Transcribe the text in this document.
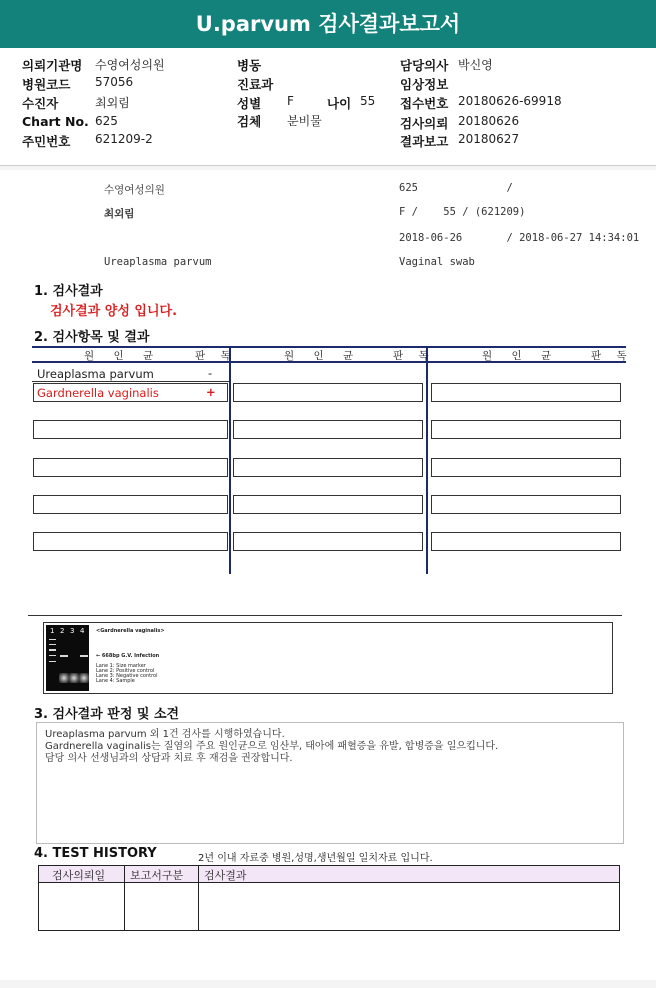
U.parvum 검사결과보고서
의뢰기관명 수영여성의원
병원코드 57056
수진자	최외림
Chart No. 625
주민번호 621209-2
병동
진료과
성별 F	나이 55
검체 분비물
담당의사 박신영
임상정보
접수번호 20180626-69918
검사의뢰 20180626
결과보고 20180627
수영여성의원	625              /
최외림	F /    55 / (621209)
2018-06-26       / 2018-06-27 14:34:01
Ureaplasma parvum	Vaginal swab
1. 검사결과
검사결과 양성 입니다.
2. 검사항목 및 결과
원 인 균	판 독	원 인 균	판 독	원 인 균	판 독
Ureaplasma parvum	-
Gardnerella vaginalis	+
1 2 3 4 <Gardnerella vaginalis>
← 668bp G.V. Infection
Lane 1: Size marker
Lane 2: Positive control
Lane 3: Negative control
Lane 4: Sample
3. 검사결과 판정 및 소견

Ureaplasma parvum 외 1건 검사를 시행하였습니다.

Gardnerella vaginalis는 질염의 주요 원인균으로 임산부, 태아에 패혈증을 유발, 합병증을 일으킵니다.

담당 의사 선생님과의 상담과 치료 후 재검을 권장합니다.

4. TEST HISTORY	2년 이내 자료중 병원,성명,생년월일 일치자료 입니다.
검사의뢰일 보고서구분 검사결과
